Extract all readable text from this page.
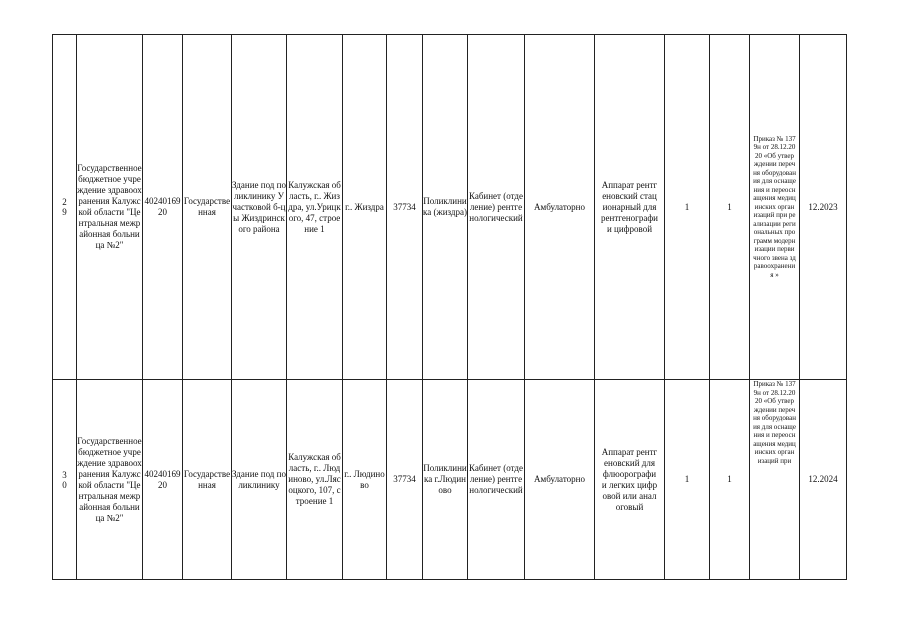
29	Государственное бюджетное учреждение здравоохранения Калужской области "Центральная межрайонная больница №2"	4024016920	Государственная	Здание под поликлинику Участковой б-цы Жиздринского района	Калужская область, г.. Жиздра, ул.Урицкого, 47, строение 1	г.. Жиздра	37734	Поликлиника (жиздра)	Кабинет (отделение) рентгенологический	Амбулаторно	Аппарат рентгеновский стационарный для рентгенографии цифровой	1	1	Приказ № 1379н от 28.12.2020 «Об утверждении перечня оборудования для оснащения и переоснащения медицинских организаций при реализации региональных программ модернизации первичного звена здравоохранения »	12.2023
30	Государственное бюджетное учреждение здравоохранения Калужской области "Центральная межрайонная больница №2"	4024016920	Государственная	Здание под поликлинику	Калужская область, г.. Людиново, ул.Лясоцкого, 107, строение 1	г.. Людиново	37734	Поликлиника г.Людиново	Кабинет (отделение) рентгенологический	Амбулаторно	Аппарат рентгеновский для флюорографии легких цифровой или аналоговый	1	1	Приказ № 1379н от 28.12.2020 «Об утверждении перечня оборудования для оснащения и переоснащения медицинских организаций при	12.2024
